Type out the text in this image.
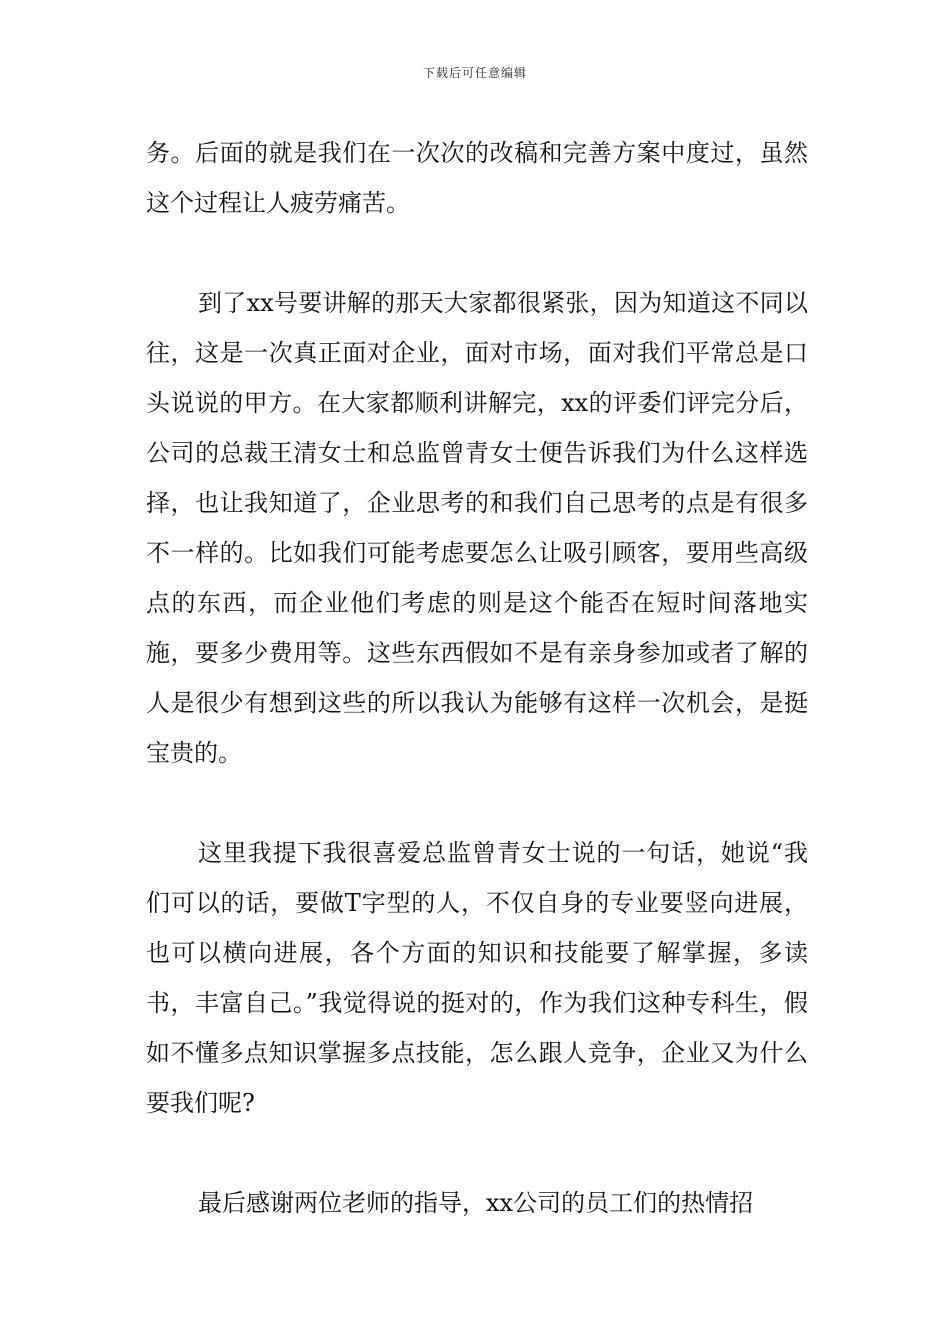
下载后可任意编辑

务。后面的就是我们在一次次的改稿和完善方案中度过，虽然这个过程让人疲劳痛苦。

到了xx号要讲解的那天大家都很紧张，因为知道这不同以往，这是一次真正面对企业，面对市场，面对我们平常总是口头说说的甲方。在大家都顺利讲解完，xx的评委们评完分后，公司的总裁王清女士和总监曾青女士便告诉我们为什么这样选择，也让我知道了，企业思考的和我们自己思考的点是有很多不一样的。比如我们可能考虑要怎么让吸引顾客，要用些高级点的东西，而企业他们考虑的则是这个能否在短时间落地实施，要多少费用等。这些东西假如不是有亲身参加或者了解的人是很少有想到这些的所以我认为能够有这样一次机会，是挺宝贵的。

这里我提下我很喜爱总监曾青女士说的一句话，她说“我们可以的话，要做T字型的人，不仅自身的专业要竖向进展，也可以横向进展，各个方面的知识和技能要了解掌握，多读书，丰富自己。”我觉得说的挺对的，作为我们这种专科生，假如不懂多点知识掌握多点技能，怎么跟人竞争，企业又为什么要我们呢?

最后感谢两位老师的指导，xx公司的员工们的热情招
